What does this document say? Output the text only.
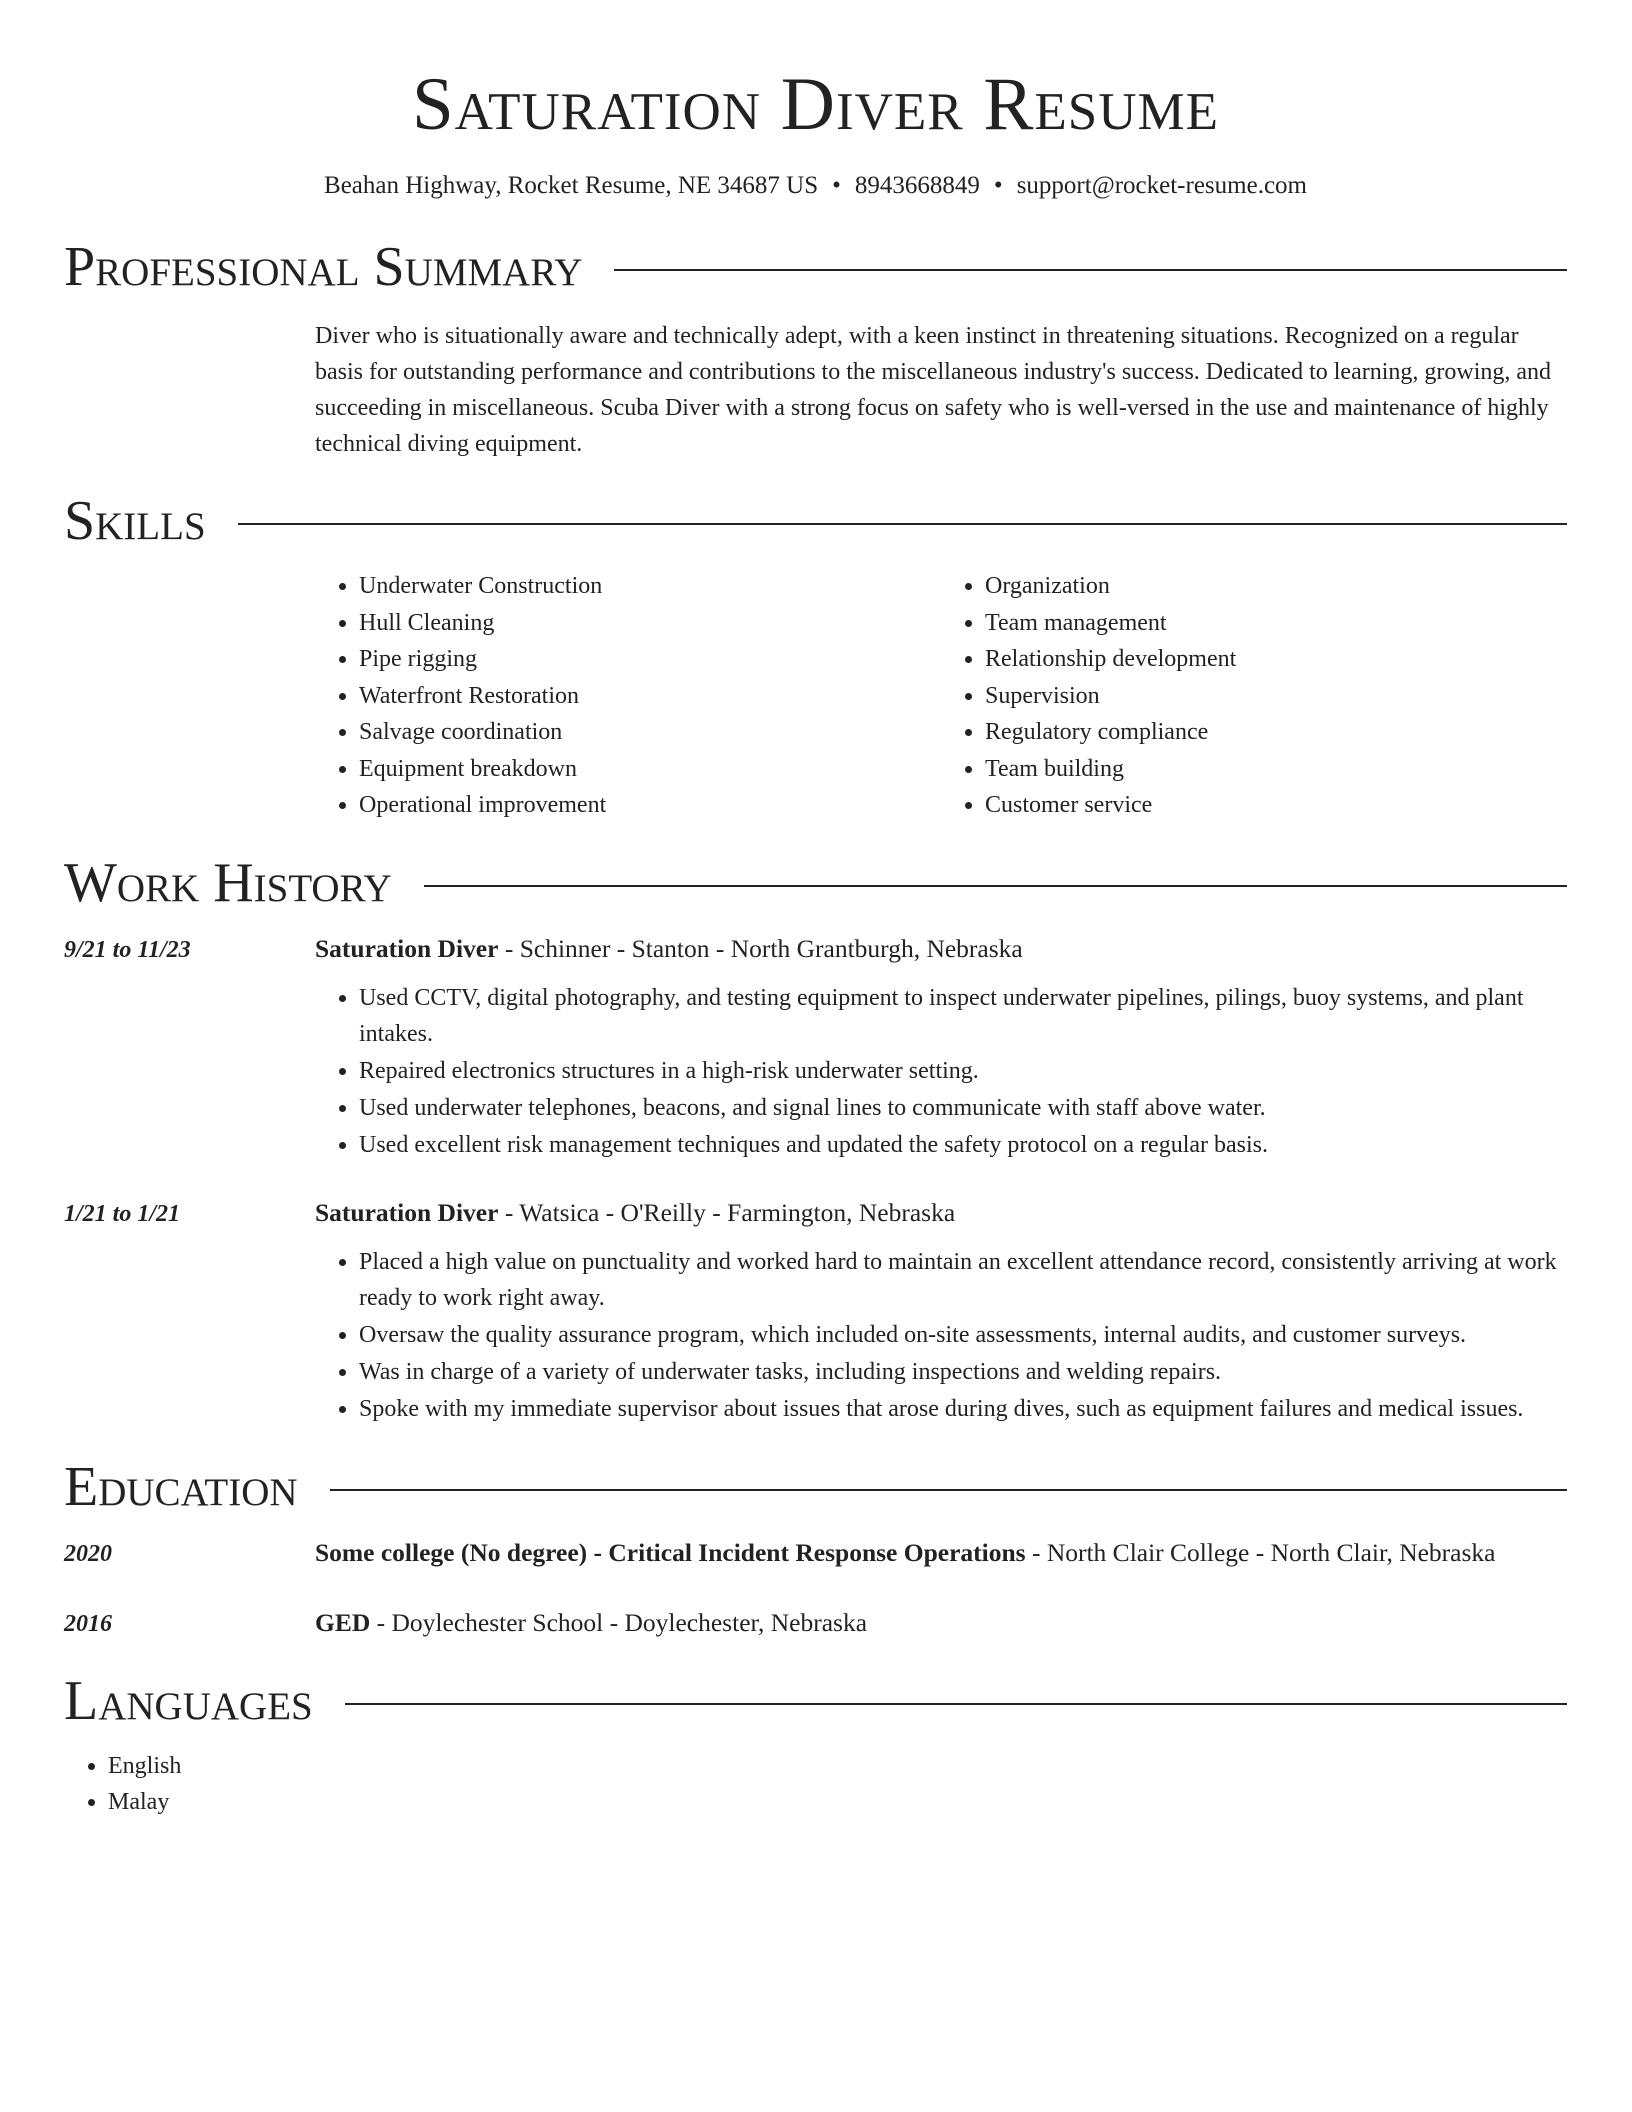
Saturation Diver Resume
Beahan Highway, Rocket Resume, NE 34687 US • 8943668849 • support@rocket-resume.com
Professional Summary
Diver who is situationally aware and technically adept, with a keen instinct in threatening situations. Recognized on a regular basis for outstanding performance and contributions to the miscellaneous industry's success. Dedicated to learning, growing, and succeeding in miscellaneous. Scuba Diver with a strong focus on safety who is well-versed in the use and maintenance of highly technical diving equipment.
Skills
• Underwater Construction
• Hull Cleaning
• Pipe rigging
• Waterfront Restoration
• Salvage coordination
• Equipment breakdown
• Operational improvement
• Organization
• Team management
• Relationship development
• Supervision
• Regulatory compliance
• Team building
• Customer service
Work History
9/21 to 11/23	Saturation Diver - Schinner - Stanton - North Grantburgh, Nebraska
• Used CCTV, digital photography, and testing equipment to inspect underwater pipelines, pilings, buoy systems, and plant intakes.
• Repaired electronics structures in a high-risk underwater setting.
• Used underwater telephones, beacons, and signal lines to communicate with staff above water.
• Used excellent risk management techniques and updated the safety protocol on a regular basis.
1/21 to 1/21	Saturation Diver - Watsica - O'Reilly - Farmington, Nebraska
• Placed a high value on punctuality and worked hard to maintain an excellent attendance record, consistently arriving at work ready to work right away.
• Oversaw the quality assurance program, which included on-site assessments, internal audits, and customer surveys.
• Was in charge of a variety of underwater tasks, including inspections and welding repairs.
• Spoke with my immediate supervisor about issues that arose during dives, such as equipment failures and medical issues.
Education
2020	Some college (No degree) - Critical Incident Response Operations - North Clair College - North Clair, Nebraska
2016	GED - Doylechester School - Doylechester, Nebraska
Languages
• English
• Malay
